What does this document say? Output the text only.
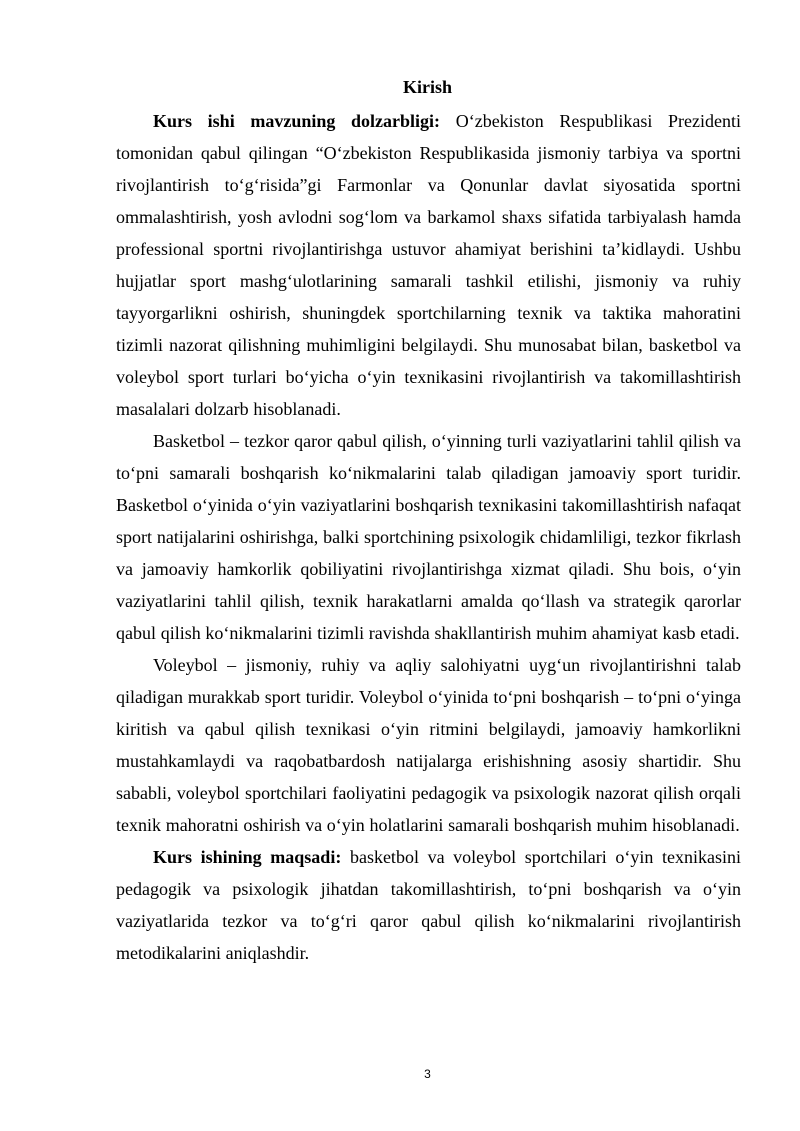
Kirish

Kurs ishi mavzuning dolzarbligi: O‘zbekiston Respublikasi Prezidenti tomonidan qabul qilingan “O‘zbekiston Respublikasida jismoniy tarbiya va sportni rivojlantirish to‘g‘risida”gi Farmonlar va Qonunlar davlat siyosatida sportni ommalashtirish, yosh avlodni sog‘lom va barkamol shaxs sifatida tarbiyalash hamda professional sportni rivojlantirishga ustuvor ahamiyat berishini ta’kidlaydi. Ushbu hujjatlar sport mashg‘ulotlarining samarali tashkil etilishi, jismoniy va ruhiy tayyorgarlikni oshirish, shuningdek sportchilarning texnik va taktika mahoratini tizimli nazorat qilishning muhimligini belgilaydi. Shu munosabat bilan, basketbol va voleybol sport turlari bo‘yicha o‘yin texnikasini rivojlantirish va takomillashtirish masalalari dolzarb hisoblanadi.

Basketbol – tezkor qaror qabul qilish, o‘yinning turli vaziyatlarini tahlil qilish va to‘pni samarali boshqarish ko‘nikmalarini talab qiladigan jamoaviy sport turidir. Basketbol o‘yinida o‘yin vaziyatlarini boshqarish texnikasini takomillashtirish nafaqat sport natijalarini oshirishga, balki sportchining psixologik chidamliligi, tezkor fikrlash va jamoaviy hamkorlik qobiliyatini rivojlantirishga xizmat qiladi. Shu bois, o‘yin vaziyatlarini tahlil qilish, texnik harakatlarni amalda qo‘llash va strategik qarorlar qabul qilish ko‘nikmalarini tizimli ravishda shakllantirish muhim ahamiyat kasb etadi.

Voleybol – jismoniy, ruhiy va aqliy salohiyatni uyg‘un rivojlantirishni talab qiladigan murakkab sport turidir. Voleybol o‘yinida to‘pni boshqarish – to‘pni o‘yinga kiritish va qabul qilish texnikasi o‘yin ritmini belgilaydi, jamoaviy hamkorlikni mustahkamlaydi va raqobatbardosh natijalarga erishishning asosiy shartidir. Shu sababli, voleybol sportchilari faoliyatini pedagogik va psixologik nazorat qilish orqali texnik mahoratni oshirish va o‘yin holatlarini samarali boshqarish muhim hisoblanadi.

Kurs ishining maqsadi: basketbol va voleybol sportchilari o‘yin texnikasini pedagogik va psixologik jihatdan takomillashtirish, to‘pni boshqarish va o‘yin vaziyatlarida tezkor va to‘g‘ri qaror qabul qilish ko‘nikmalarini rivojlantirish metodikalarini aniqlashdir.

3
